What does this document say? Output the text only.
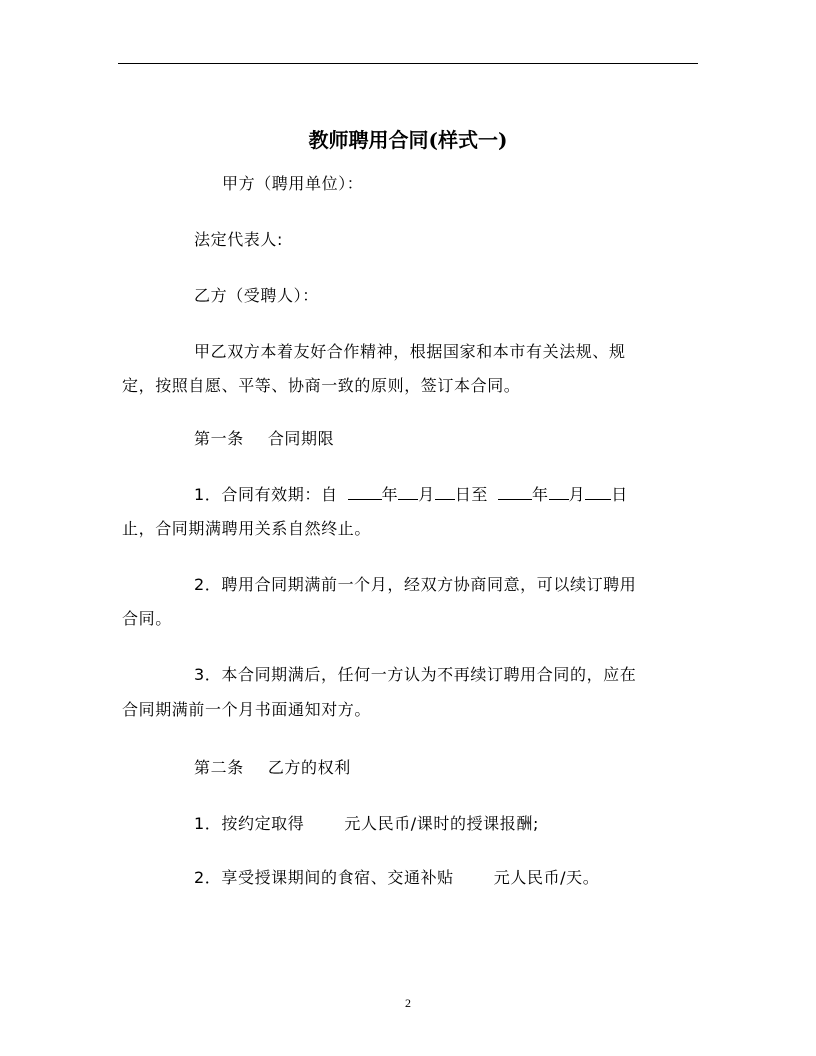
教师聘用合同(样式一)
甲方（聘用单位）：
法定代表人:
乙方（受聘人）：
甲乙双方本着友好合作精神，根据国家和本市有关法规、规
定，按照自愿、平等、协商一致的原则，签订本合同。
第一条 合同期限
1．合同有效期：自	年 月 日至	年 月 日
止，合同期满聘用关系自然终止。
2．聘用合同期满前一个月，经双方协商同意，可以续订聘用
合同。
3．本合同期满后，任何一方认为不再续订聘用合同的，应在
合同期满前一个月书面通知对方。
第二条 乙方的权利
1．按约定取得	元人民币/课时的授课报酬;
2．享受授课期间的食宿、交通补贴	元人民币/天。
2
